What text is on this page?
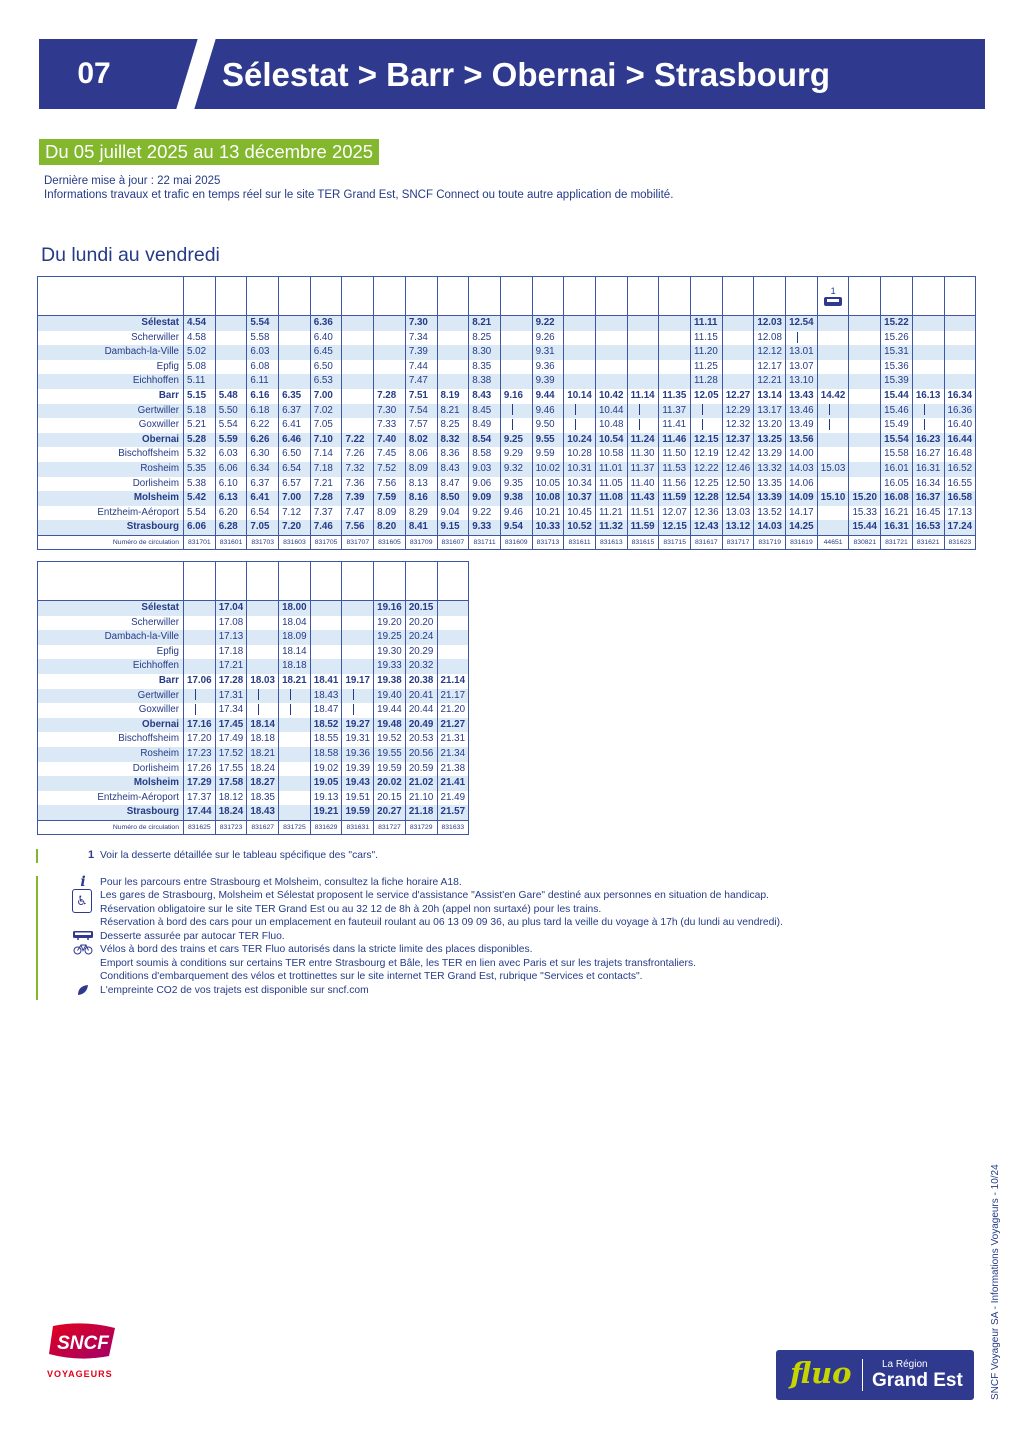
07	Sélestat > Barr > Obernai > Strasbourg
Du 05 juillet 2025 au 13 décembre 2025
Dernière mise à jour : 22 mai 2025
Informations travaux et trafic en temps réel sur le site TER Grand Est, SNCF Connect ou toute autre application de mobilité.
Du lundi au vendredi

																					1				

Sélestat	4.54		5.54		6.36			7.30		8.21		9.22					11.11		12.03	12.54			15.22		
Scherwiller	4.58		5.58		6.40			7.34		8.25		9.26					11.15		12.08				15.26		
Dambach-la-Ville	5.02		6.03		6.45			7.39		8.30		9.31					11.20		12.12	13.01			15.31		
Epfig	5.08		6.08		6.50			7.44		8.35		9.36					11.25		12.17	13.07			15.36		
Eichhoffen	5.11		6.11		6.53			7.47		8.38		9.39					11.28		12.21	13.10			15.39		
Barr	5.15	5.48	6.16	6.35	7.00		7.28	7.51	8.19	8.43	9.16	9.44	10.14	10.42	11.14	11.35	12.05	12.27	13.14	13.43	14.42		15.44	16.13	16.34
Gertwiller	5.18	5.50	6.18	6.37	7.02		7.30	7.54	8.21	8.45		9.46		10.44		11.37		12.29	13.17	13.46			15.46		16.36
Goxwiller	5.21	5.54	6.22	6.41	7.05		7.33	7.57	8.25	8.49		9.50		10.48		11.41		12.32	13.20	13.49			15.49		16.40
Obernai	5.28	5.59	6.26	6.46	7.10	7.22	7.40	8.02	8.32	8.54	9.25	9.55	10.24	10.54	11.24	11.46	12.15	12.37	13.25	13.56			15.54	16.23	16.44
Bischoffsheim	5.32	6.03	6.30	6.50	7.14	7.26	7.45	8.06	8.36	8.58	9.29	9.59	10.28	10.58	11.30	11.50	12.19	12.42	13.29	14.00			15.58	16.27	16.48
Rosheim	5.35	6.06	6.34	6.54	7.18	7.32	7.52	8.09	8.43	9.03	9.32	10.02	10.31	11.01	11.37	11.53	12.22	12.46	13.32	14.03	15.03		16.01	16.31	16.52
Dorlisheim	5.38	6.10	6.37	6.57	7.21	7.36	7.56	8.13	8.47	9.06	9.35	10.05	10.34	11.05	11.40	11.56	12.25	12.50	13.35	14.06			16.05	16.34	16.55
Molsheim	5.42	6.13	6.41	7.00	7.28	7.39	7.59	8.16	8.50	9.09	9.38	10.08	10.37	11.08	11.43	11.59	12.28	12.54	13.39	14.09	15.10	15.20	16.08	16.37	16.58
Entzheim-Aéroport	5.54	6.20	6.54	7.12	7.37	7.47	8.09	8.29	9.04	9.22	9.46	10.21	10.45	11.21	11.51	12.07	12.36	13.03	13.52	14.17		15.33	16.21	16.45	17.13
Strasbourg	6.06	6.28	7.05	7.20	7.46	7.56	8.20	8.41	9.15	9.33	9.54	10.33	10.52	11.32	11.59	12.15	12.43	13.12	14.03	14.25		15.44	16.31	16.53	17.24
Numéro de circulation	831701	831601	831703	831603	831705	831707	831605	831709	831607	831711	831609	831713	831611	831613	831615	831715	831617	831717	831719	831619	44651	830821	831721	831621	831623

Sélestat		17.04		18.00			19.16	20.15	
Scherwiller		17.08		18.04			19.20	20.20	
Dambach-la-Ville		17.13		18.09			19.25	20.24	
Epfig		17.18		18.14			19.30	20.29	
Eichhoffen		17.21		18.18			19.33	20.32	
Barr	17.06	17.28	18.03	18.21	18.41	19.17	19.38	20.38	21.14
Gertwiller		17.31			18.43		19.40	20.41	21.17
Goxwiller		17.34			18.47		19.44	20.44	21.20
Obernai	17.16	17.45	18.14		18.52	19.27	19.48	20.49	21.27
Bischoffsheim	17.20	17.49	18.18		18.55	19.31	19.52	20.53	21.31
Rosheim	17.23	17.52	18.21		18.58	19.36	19.55	20.56	21.34
Dorlisheim	17.26	17.55	18.24		19.02	19.39	19.59	20.59	21.38
Molsheim	17.29	17.58	18.27		19.05	19.43	20.02	21.02	21.41
Entzheim-Aéroport	17.37	18.12	18.35		19.13	19.51	20.15	21.10	21.49
Strasbourg	17.44	18.24	18.43		19.21	19.59	20.27	21.18	21.57
Numéro de circulation	831625	831723	831627	831725	831629	831631	831727	831729	831633
1 Voir la desserte détaillée sur le tableau spécifique des "cars".
i	Pour les parcours entre Strasbourg et Molsheim, consultez la fiche horaire A18.
♿	Les gares de Strasbourg, Molsheim et Sélestat proposent le service d'assistance "Assist'en Gare" destiné aux personnes en situation de handicap.
Réservation obligatoire sur le site TER Grand Est ou au 32 12 de 8h à 20h (appel non surtaxé) pour les trains.
Réservation à bord des cars pour un emplacement en fauteuil roulant au 06 13 09 09 36, au plus tard la veille du voyage à 17h (du lundi au vendredi).
Desserte assurée par autocar TER Fluo.
Vélos à bord des trains et cars TER Fluo autorisés dans la stricte limite des places disponibles.
Emport soumis à conditions sur certains TER entre Strasbourg et Bâle, les TER en lien avec Paris et sur les trajets transfrontaliers.
Conditions d'embarquement des vélos et trottinettes sur le site internet TER Grand Est, rubrique "Services et contacts".
L'empreinte CO2 de vos trajets est disponible sur sncf.com
SNCF
VOYAGEURS	fluo	La Région
Grand Est	SNCF Voyageur SA - Informations Voyageurs - 10/24
